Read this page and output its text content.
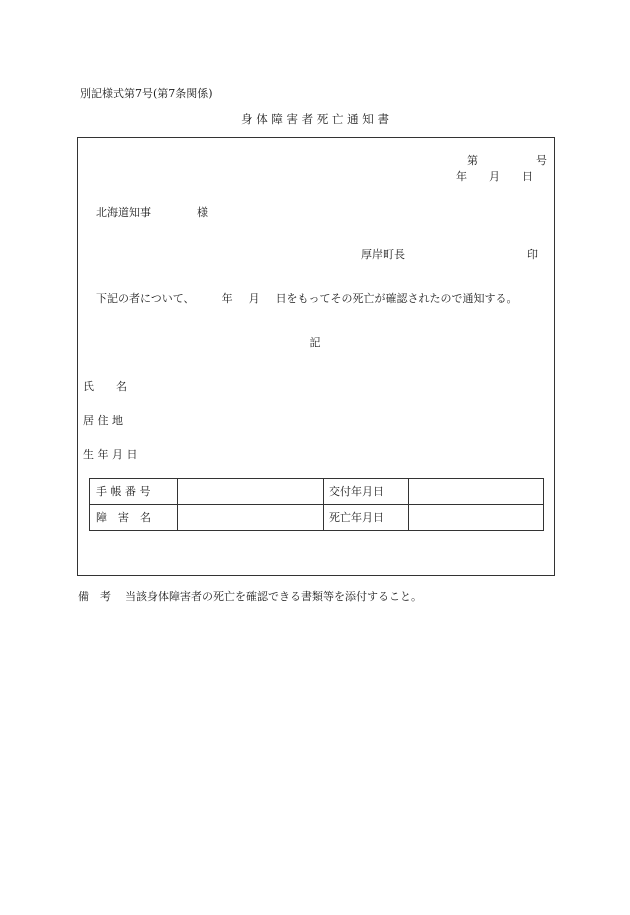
別記様式第7号(第7条関係)
身 体 障 害 者 死 亡 通 知 書
第	号
年 月 日
北海道知事	様
厚岸町長	印
下記の者について、 年 月 日をもってその死亡が確認されたので通知する。
記
氏　　名
居 住 地
生 年 月 日
手 帳 番 号		交付年月日	
障　害　名		死亡年月日	
備　考 当該身体障害者の死亡を確認できる書類等を添付すること。
